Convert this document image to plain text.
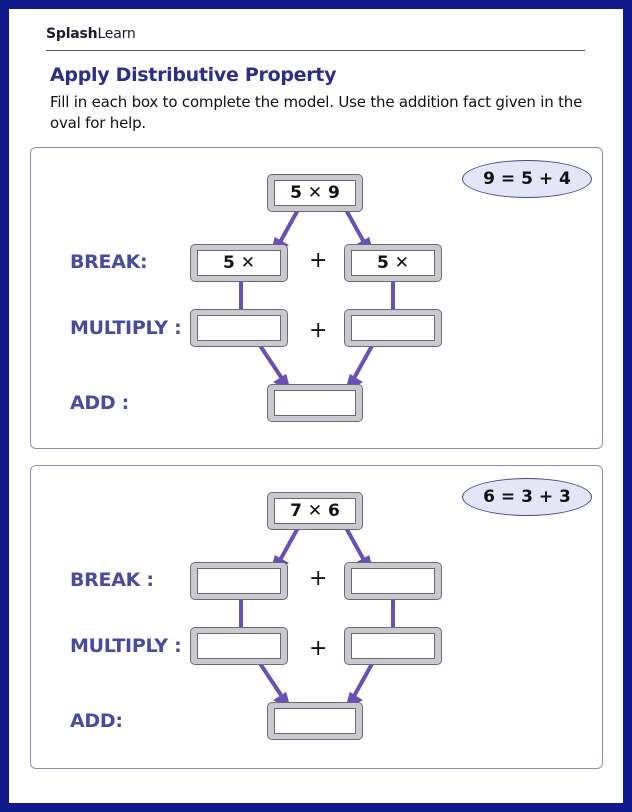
SplashLearn
Apply Distributive Property
Fill in each box to complete the model. Use the addition fact given in the oval for help.
9 = 5 + 4
5 ✕ 9
BREAK:	5 ✕	+	5 ✕
MULTIPLY :	+
ADD :
6 = 3 + 3
7 ✕ 6
BREAK :	+
MULTIPLY :	+
ADD:
